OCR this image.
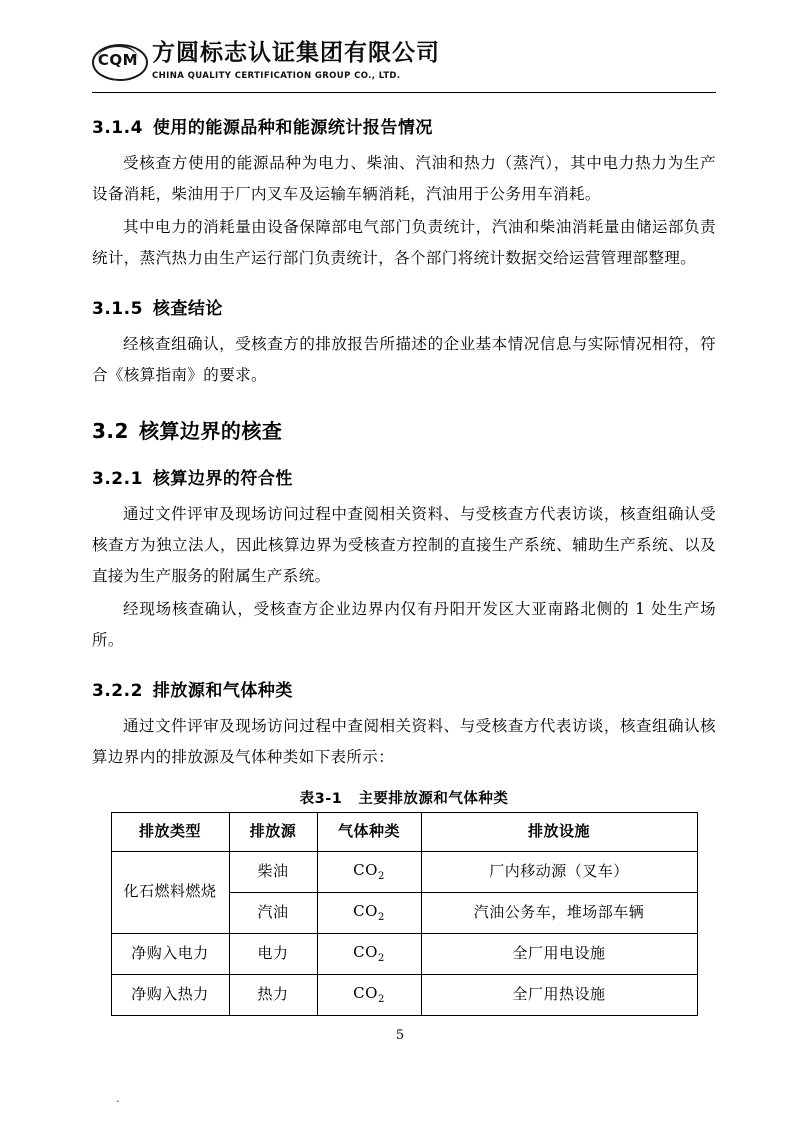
CQM 方圆标志认证集团有限公司
CHINA QUALITY CERTIFICATION GROUP CO., LTD.
3.1.4 使用的能源品种和能源统计报告情况

受核查方使用的能源品种为电力、柴油、汽油和热力（蒸汽），其中电力热力为生产设备消耗，柴油用于厂内叉车及运输车辆消耗，汽油用于公务用车消耗。

其中电力的消耗量由设备保障部电气部门负责统计，汽油和柴油消耗量由储运部负责统计，蒸汽热力由生产运行部门负责统计，各个部门将统计数据交给运营管理部整理。

3.1.5 核查结论

经核查组确认，受核查方的排放报告所描述的企业基本情况信息与实际情况相符，符合《核算指南》的要求。

3.2 核算边界的核查
3.2.1 核算边界的符合性

通过文件评审及现场访问过程中查阅相关资料、与受核查方代表访谈，核查组确认受核查方为独立法人，因此核算边界为受核查方控制的直接生产系统、辅助生产系统、以及直接为生产服务的附属生产系统。

经现场核查确认，受核查方企业边界内仅有丹阳开发区大亚南路北侧的 1 处生产场所。

3.2.2 排放源和气体种类

通过文件评审及现场访问过程中查阅相关资料、与受核查方代表访谈，核查组确认核算边界内的排放源及气体种类如下表所示：

表3-1 主要排放源和气体种类
排放类型	排放源	气体种类	排放设施
化石燃料燃烧	柴油	$CO_2$	厂内移动源（叉车）
	汽油	$CO_2$	汽油公务车，堆场部车辆
净购入电力	电力	$CO_2$	全厂用电设施
净购入热力	热力	$CO_2$	全厂用热设施
5
.
